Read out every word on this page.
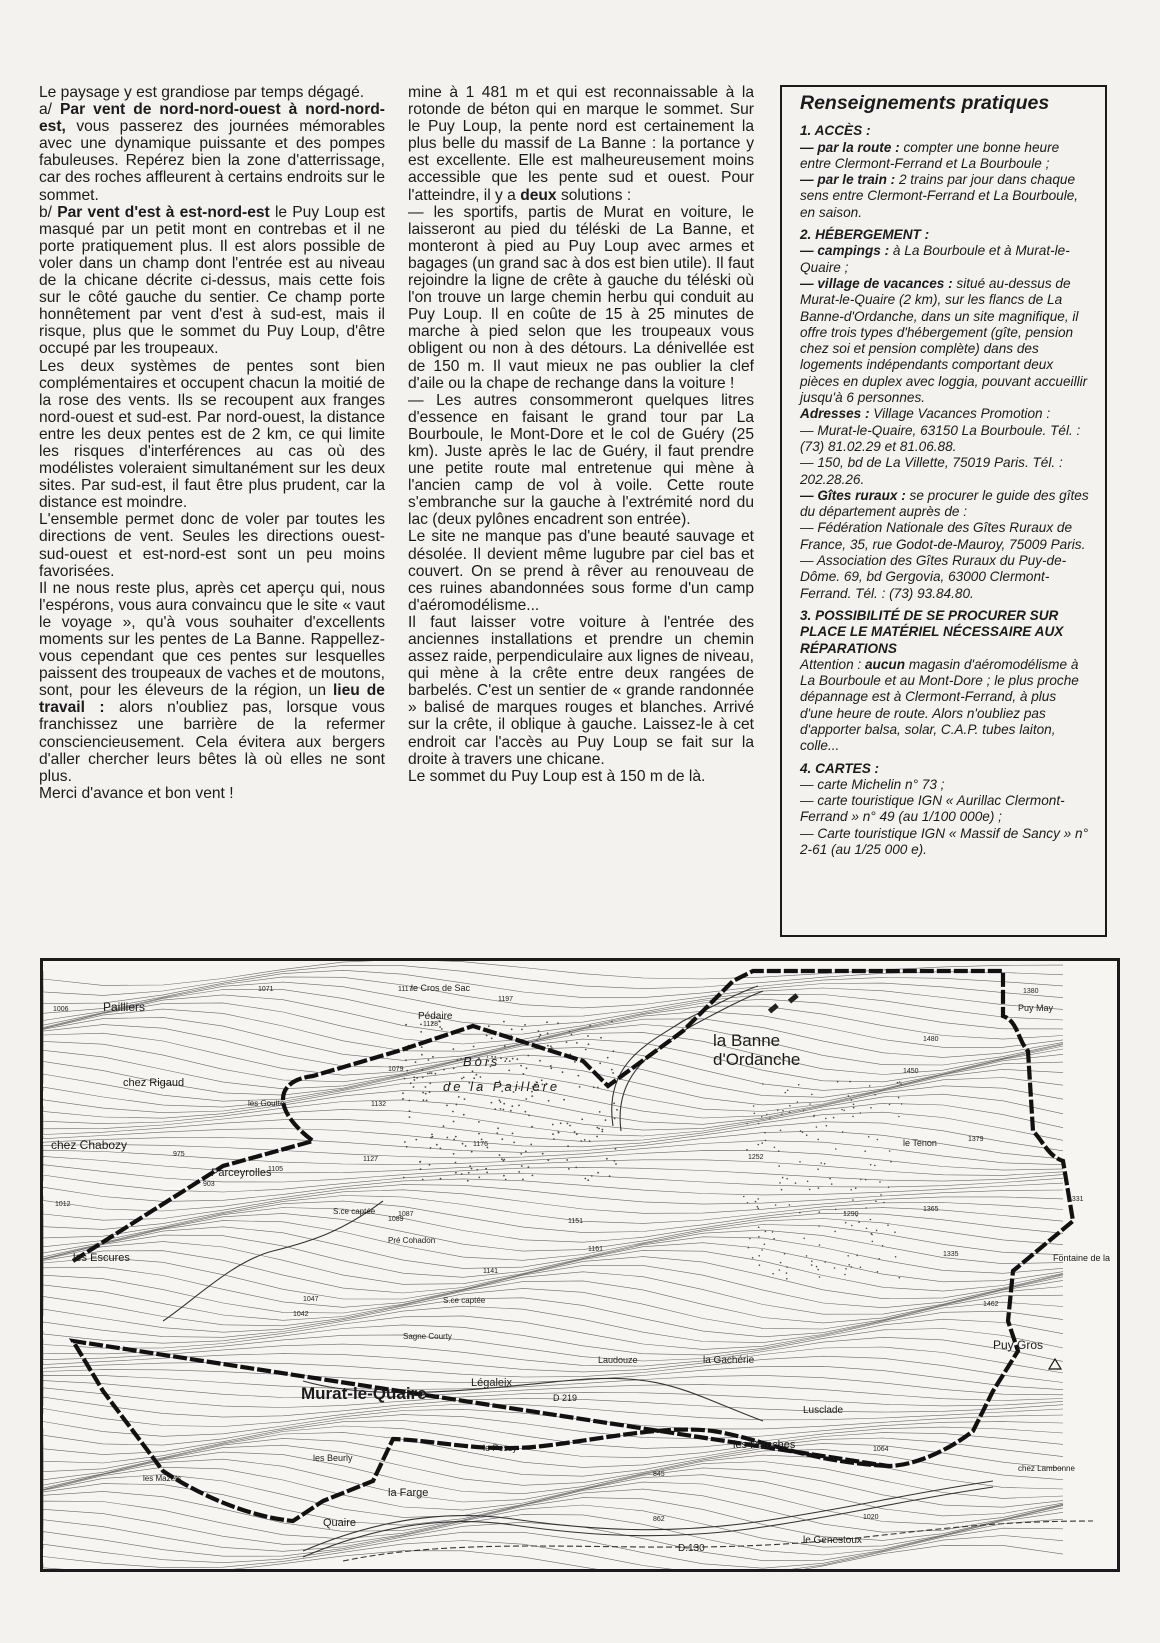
Le paysage y est grandiose par temps dégagé.

a/ Par vent de nord-nord-ouest à nord-nord-est, vous passerez des journées mémorables avec une dynamique puissante et des pompes fabuleuses. Repérez bien la zone d'atterrissage, car des roches affleurent à certains endroits sur le sommet.

b/ Par vent d'est à est-nord-est le Puy Loup est masqué par un petit mont en contrebas et il ne porte pratiquement plus. Il est alors possible de voler dans un champ dont l'entrée est au niveau de la chicane décrite ci-dessus, mais cette fois sur le côté gauche du sentier. Ce champ porte honnêtement par vent d'est à sud-est, mais il risque, plus que le sommet du Puy Loup, d'être occupé par les troupeaux.

Les deux systèmes de pentes sont bien complémentaires et occupent chacun la moitié de la rose des vents. Ils se recoupent aux franges nord-ouest et sud-est. Par nord-ouest, la distance entre les deux pentes est de 2 km, ce qui limite les risques d'interférences au cas où des modélistes voleraient simultanément sur les deux sites. Par sud-est, il faut être plus prudent, car la distance est moindre.

L'ensemble permet donc de voler par toutes les directions de vent. Seules les directions ouest-sud-ouest et est-nord-est sont un peu moins favorisées.

Il ne nous reste plus, après cet aperçu qui, nous l'espérons, vous aura convaincu que le site « vaut le voyage », qu'à vous souhaiter d'excellents moments sur les pentes de La Banne. Rappellez-vous cependant que ces pentes sur lesquelles paissent des troupeaux de vaches et de moutons, sont, pour les éleveurs de la région, un lieu de travail : alors n'oubliez pas, lorsque vous franchissez une barrière de la refermer consciencieusement. Cela évitera aux bergers d'aller chercher leurs bêtes là où elles ne sont plus.

Merci d'avance et bon vent !

mine à 1 481 m et qui est reconnaissable à la rotonde de béton qui en marque le sommet. Sur le Puy Loup, la pente nord est certainement la plus belle du massif de La Banne : la portance y est excellente. Elle est malheureusement moins accessible que les pente sud et ouest. Pour l'atteindre, il y a deux solutions :

— les sportifs, partis de Murat en voiture, le laisseront au pied du téléski de La Banne, et monteront à pied au Puy Loup avec armes et bagages (un grand sac à dos est bien utile). Il faut rejoindre la ligne de crête à gauche du téléski où l'on trouve un large chemin herbu qui conduit au Puy Loup. Il en coûte de 15 à 25 minutes de marche à pied selon que les troupeaux vous obligent ou non à des détours. La dénivellée est de 150 m. Il vaut mieux ne pas oublier la clef d'aile ou la chape de rechange dans la voiture !

— Les autres consommeront quelques litres d'essence en faisant le grand tour par La Bourboule, le Mont-Dore et le col de Guéry (25 km). Juste après le lac de Guéry, il faut prendre une petite route mal entretenue qui mène à l'ancien camp de vol à voile. Cette route s'embranche sur la gauche à l'extrémité nord du lac (deux pylônes encadrent son entrée).

Le site ne manque pas d'une beauté sauvage et désolée. Il devient même lugubre par ciel bas et couvert. On se prend à rêver au renouveau de ces ruines abandonnées sous forme d'un camp d'aéromodélisme...

Il faut laisser votre voiture à l'entrée des anciennes installations et prendre un chemin assez raide, perpendiculaire aux lignes de niveau, qui mène à la crête entre deux rangées de barbelés. C'est un sentier de « grande randonnée » balisé de marques rouges et blanches. Arrivé sur la crête, il oblique à gauche. Laissez-le à cet endroit car l'accès au Puy Loup se fait sur la droite à travers une chicane.

Le sommet du Puy Loup est à 150 m de là.

Renseignements pratiques

1. ACCÈS :

— par la route : compter une bonne heure entre Clermont-Ferrand et La Bourboule ;

— par le train : 2 trains par jour dans chaque sens entre Clermont-Ferrand et La Bourboule, en saison.

2. HÉBERGEMENT :

— campings : à La Bourboule et à Murat-le-Quaire ;

— village de vacances : situé au-dessus de Murat-le-Quaire (2 km), sur les flancs de La Banne-d'Ordanche, dans un site magnifique, il offre trois types d'hébergement (gîte, pension chez soi et pension complète) dans des logements indépendants comportant deux pièces en duplex avec loggia, pouvant accueillir jusqu'à 6 personnes.

Adresses : Village Vacances Promotion :

— Murat-le-Quaire, 63150 La Bourboule. Tél. : (73) 81.02.29 et 81.06.88.

— 150, bd de La Villette, 75019 Paris. Tél. : 202.28.26.

— Gîtes ruraux : se procurer le guide des gîtes du département auprès de :

— Fédération Nationale des Gîtes Ruraux de France, 35, rue Godot-de-Mauroy, 75009 Paris.

— Association des Gîtes Ruraux du Puy-de-Dôme. 69, bd Gergovia, 63000 Clermont-Ferrand. Tél. : (73) 93.84.80.

3. POSSIBILITÉ DE SE PROCURER SUR PLACE LE MATÉRIEL NÉCESSAIRE AUX RÉPARATIONS

Attention : aucun magasin d'aéromodélisme à La Bourboule et au Mont-Dore ; le plus proche dépannage est à Clermont-Ferrand, à plus d'une heure de route. Alors n'oubliez pas d'apporter balsa, solar, C.A.P. tubes laiton, colle...

4. CARTES :

— carte Michelin n° 73 ;

— carte touristique IGN « Aurillac Clermont-Ferrand » n° 49 (au 1/100 000e) ;

— Carte touristique IGN « Massif de Sancy » n° 2-61 (au 1/25 000 e).

1117
1197
1128
1079
1132
1176
1127
1105
1089
1161
1141
1047
1480
1450
1379
1365
1335
1331
1462
1380
1290
1252
1064
1020
975
903
1042
1087
1071
1006
1012
845
862
1151
la Banne
d'Ordanche
Murat-le-Quaire
Puy Gros
Bois
de la Paillère
Pailliers
chez Rigaud
chez Chabozy
Parceyrolles
les Escures
Pédaire
le Cros de Sac
Puy May
le Tenon
Fontaine de la
la Gachérie
Légaleix
Laudouze
Lusclade
les Planches
la Farge
Quaire
le Genestoux
le Pessy
les Beurly
D.130
D 219
S.ce captée
S.ce captée
Pré Cohadon
les Goutte
chez Lambonne
Sagne Courty
les Mazets
